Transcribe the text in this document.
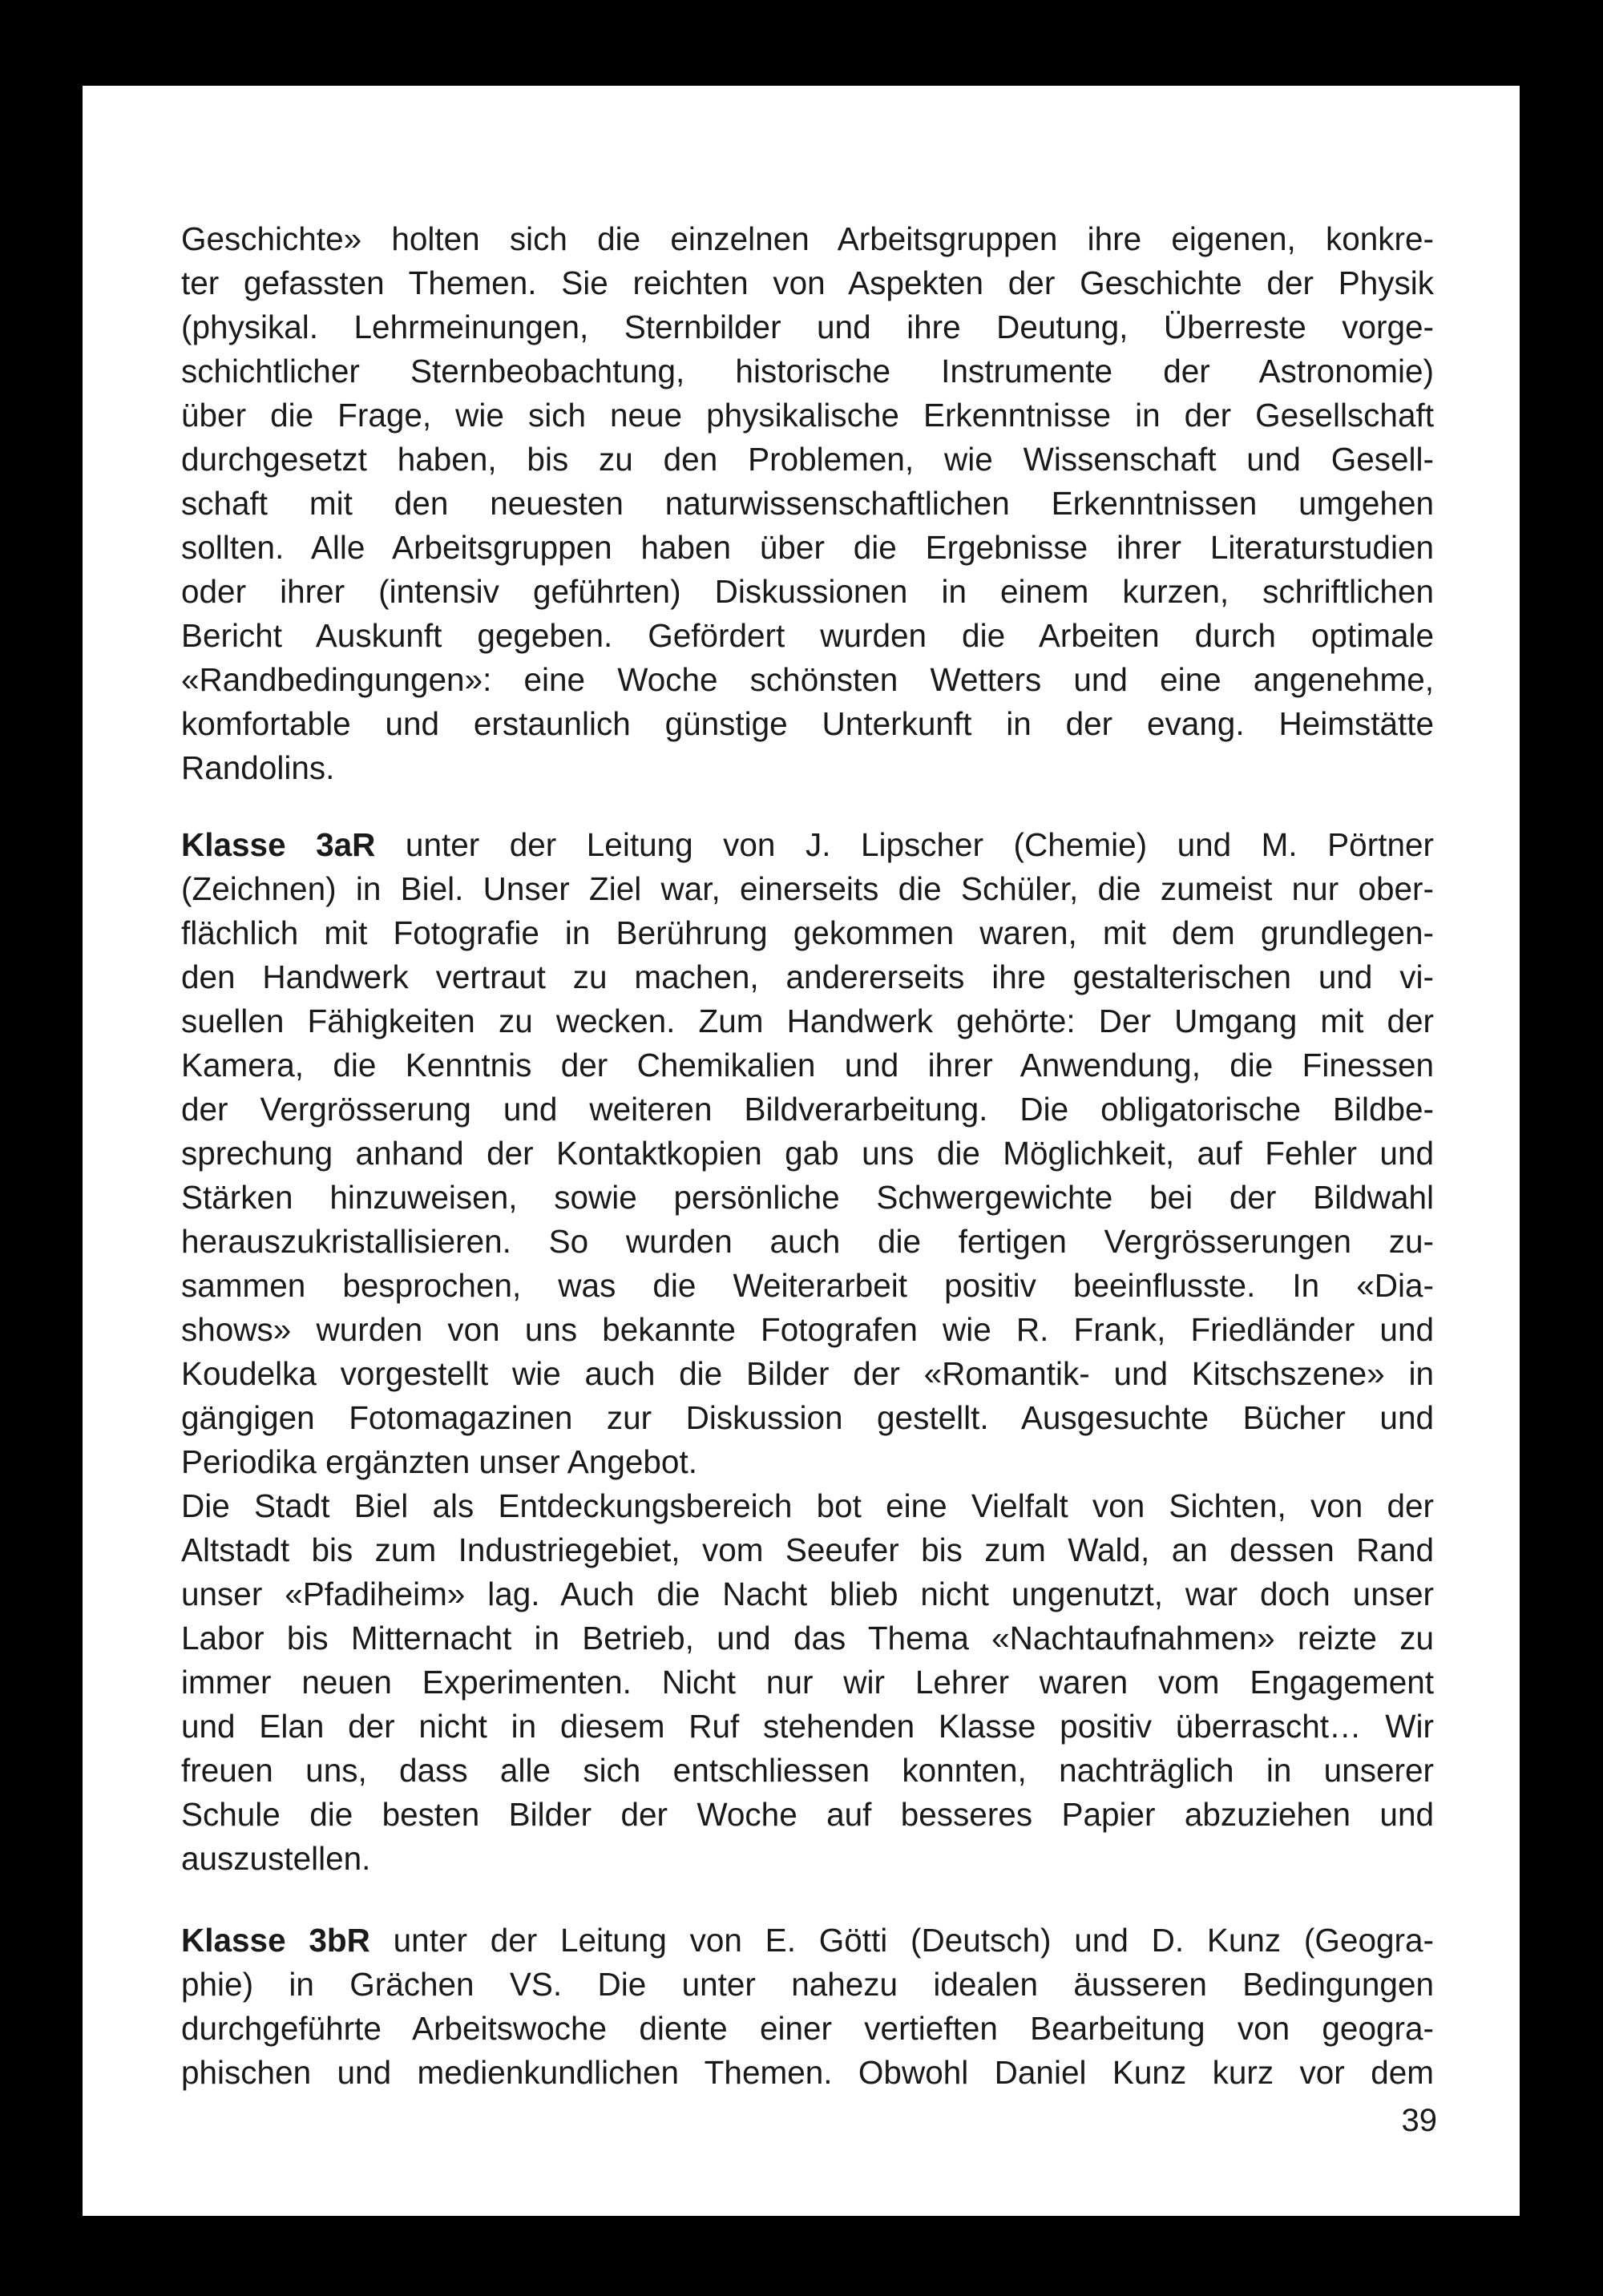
Geschichte» holten sich die einzelnen Arbeitsgruppen ihre eigenen, konkre-
ter gefassten Themen. Sie reichten von Aspekten der Geschichte der Physik
(physikal. Lehrmeinungen, Sternbilder und ihre Deutung, Überreste vorge-
schichtlicher Sternbeobachtung, historische Instrumente der Astronomie)
über die Frage, wie sich neue physikalische Erkenntnisse in der Gesellschaft
durchgesetzt haben, bis zu den Problemen, wie Wissenschaft und Gesell-
schaft mit den neuesten naturwissenschaftlichen Erkenntnissen umgehen
sollten. Alle Arbeitsgruppen haben über die Ergebnisse ihrer Literaturstudien
oder ihrer (intensiv geführten) Diskussionen in einem kurzen, schriftlichen
Bericht Auskunft gegeben. Gefördert wurden die Arbeiten durch optimale
«Randbedingungen»: eine Woche schönsten Wetters und eine angenehme,
komfortable und erstaunlich günstige Unterkunft in der evang. Heimstätte
Randolins.
Klasse 3aR unter der Leitung von J. Lipscher (Chemie) und M. Pörtner
(Zeichnen) in Biel. Unser Ziel war, einerseits die Schüler, die zumeist nur ober-
flächlich mit Fotografie in Berührung gekommen waren, mit dem grundlegen-
den Handwerk vertraut zu machen, andererseits ihre gestalterischen und vi-
suellen Fähigkeiten zu wecken. Zum Handwerk gehörte: Der Umgang mit der
Kamera, die Kenntnis der Chemikalien und ihrer Anwendung, die Finessen
der Vergrösserung und weiteren Bildverarbeitung. Die obligatorische Bildbe-
sprechung anhand der Kontaktkopien gab uns die Möglichkeit, auf Fehler und
Stärken hinzuweisen, sowie persönliche Schwergewichte bei der Bildwahl
herauszukristallisieren. So wurden auch die fertigen Vergrösserungen zu-
sammen besprochen, was die Weiterarbeit positiv beeinflusste. In «Dia-
shows» wurden von uns bekannte Fotografen wie R. Frank, Friedländer und
Koudelka vorgestellt wie auch die Bilder der «Romantik- und Kitschszene» in
gängigen Fotomagazinen zur Diskussion gestellt. Ausgesuchte Bücher und
Periodika ergänzten unser Angebot.
Die Stadt Biel als Entdeckungsbereich bot eine Vielfalt von Sichten, von der
Altstadt bis zum Industriegebiet, vom Seeufer bis zum Wald, an dessen Rand
unser «Pfadiheim» lag. Auch die Nacht blieb nicht ungenutzt, war doch unser
Labor bis Mitternacht in Betrieb, und das Thema «Nachtaufnahmen» reizte zu
immer neuen Experimenten. Nicht nur wir Lehrer waren vom Engagement
und Elan der nicht in diesem Ruf stehenden Klasse positiv überrascht… Wir
freuen uns, dass alle sich entschliessen konnten, nachträglich in unserer
Schule die besten Bilder der Woche auf besseres Papier abzuziehen und
auszustellen.
Klasse 3bR unter der Leitung von E. Götti (Deutsch) und D. Kunz (Geogra-
phie) in Grächen VS. Die unter nahezu idealen äusseren Bedingungen
durchgeführte Arbeitswoche diente einer vertieften Bearbeitung von geogra-
phischen und medienkundlichen Themen. Obwohl Daniel Kunz kurz vor dem
39
